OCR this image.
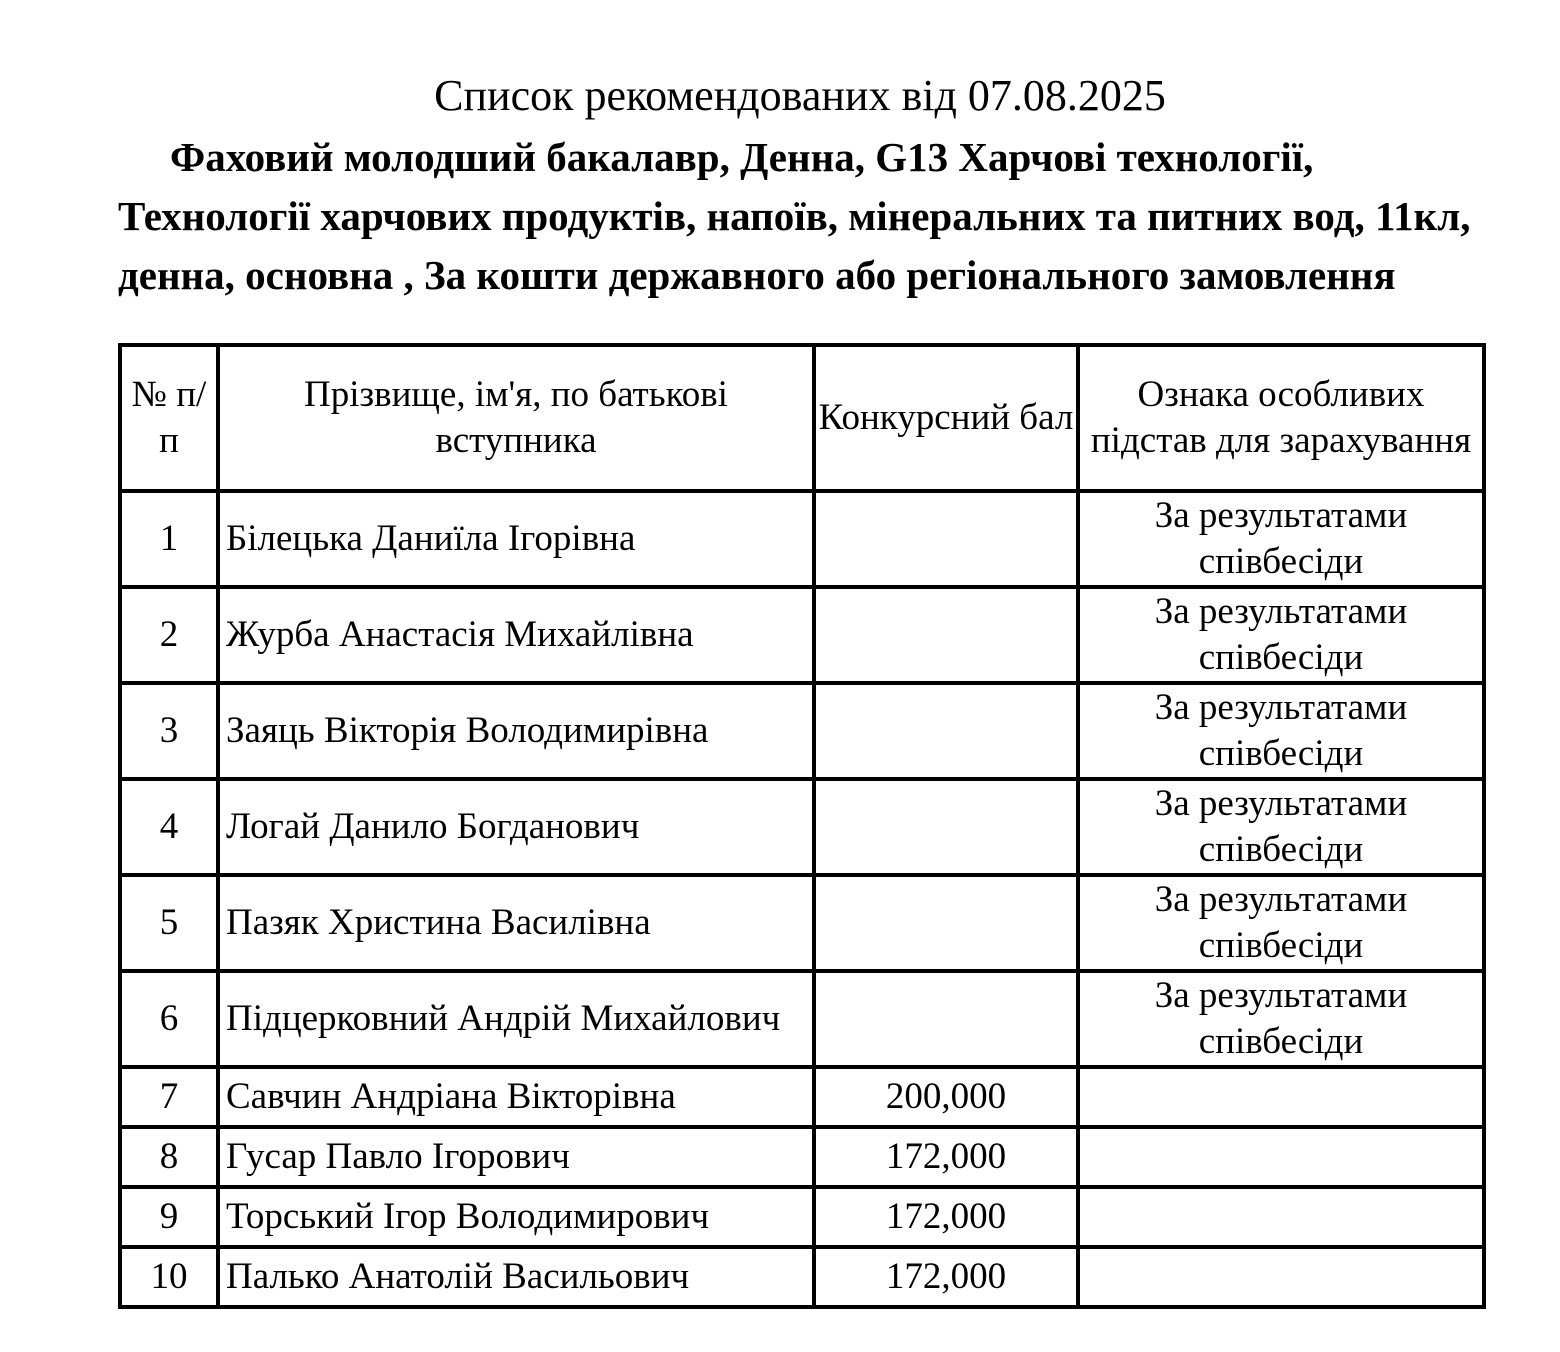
Список рекомендованих від 07.08.2025
Фаховий молодший бакалавр, Денна, G13 Харчові технології, Технології харчових продуктів, напоїв, мінеральних та питних вод, 11кл, денна, основна , За кошти державного або регіонального замовлення
№ п/п	Прізвище, ім'я, по батькові вступника	Конкурсний бал	Ознака особливих підстав для зарахування
1	Білецька Даниїла Ігорівна		За результатами співбесіди
2	Журба Анастасія Михайлівна		За результатами співбесіди
3	Заяць Вікторія Володимирівна		За результатами співбесіди
4	Логай Данило Богданович		За результатами співбесіди
5	Пазяк Христина Василівна		За результатами співбесіди
6	Підцерковний Андрій Михайлович		За результатами співбесіди
7	Савчин Андріана Вікторівна	200,000	
8	Гусар Павло Ігорович	172,000	
9	Торський Ігор Володимирович	172,000	
10	Палько Анатолій Васильович	172,000	
